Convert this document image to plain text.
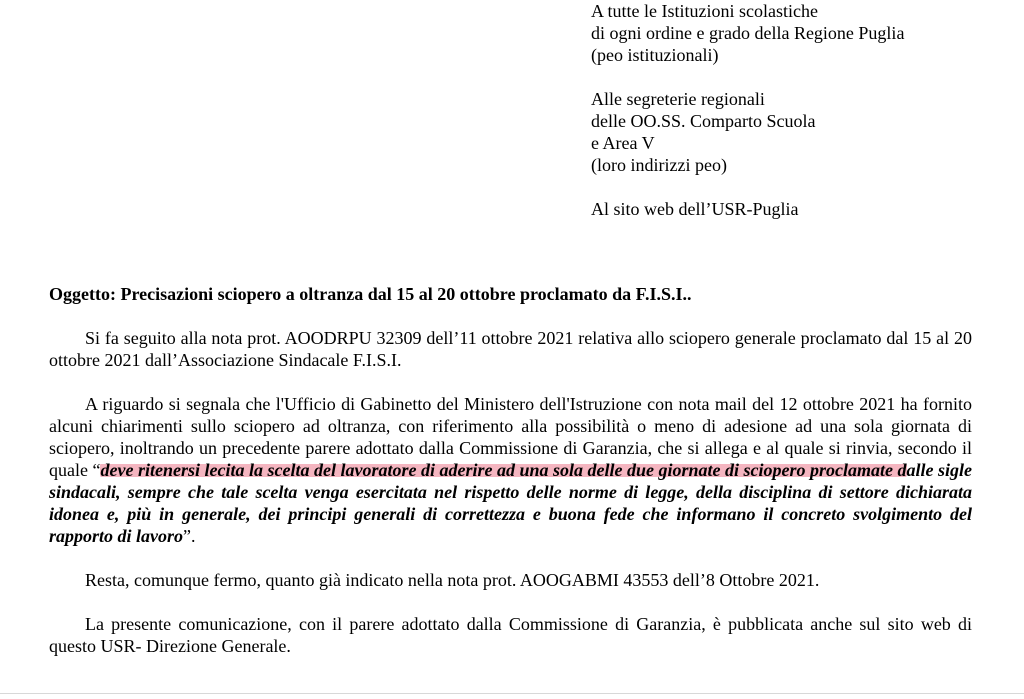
A tutte le Istituzioni scolastiche
di ogni ordine e grado della Regione Puglia
(peo istituzionali)
Alle segreterie regionali
delle OO.SS. Comparto Scuola
e Area V
(loro indirizzi peo)
Al sito web dell’USR-Puglia
Oggetto: Precisazioni sciopero a oltranza dal 15 al 20 ottobre proclamato da F.I.S.I..

Si fa seguito alla nota prot. AOODRPU 32309 dell’11 ottobre 2021 relativa allo sciopero generale proclamato dal 15 al 20 ottobre 2021 dall’Associazione Sindacale F.I.S.I.

A riguardo si segnala che l'Ufficio di Gabinetto del Ministero dell'Istruzione con nota mail del 12 ottobre 2021 ha fornito alcuni chiarimenti sullo sciopero ad oltranza, con riferimento alla possibilità o meno di adesione ad una sola giornata di sciopero, inoltrando un precedente parere adottato dalla Commissione di Garanzia, che si allega e al quale si rinvia, secondo il quale “deve ritenersi lecita la scelta del lavoratore di aderire ad una sola delle due giornate di sciopero proclamate dalle sigle sindacali, sempre che tale scelta venga esercitata nel rispetto delle norme di legge, della disciplina di settore dichiarata idonea e, più in generale, dei principi generali di correttezza e buona fede che informano il concreto svolgimento del rapporto di lavoro”.

Resta, comunque fermo, quanto già indicato nella nota prot. AOOGABMI 43553 dell’8 Ottobre 2021.

La presente comunicazione, con il parere adottato dalla Commissione di Garanzia, è pubblicata anche sul sito web di questo USR- Direzione Generale.
